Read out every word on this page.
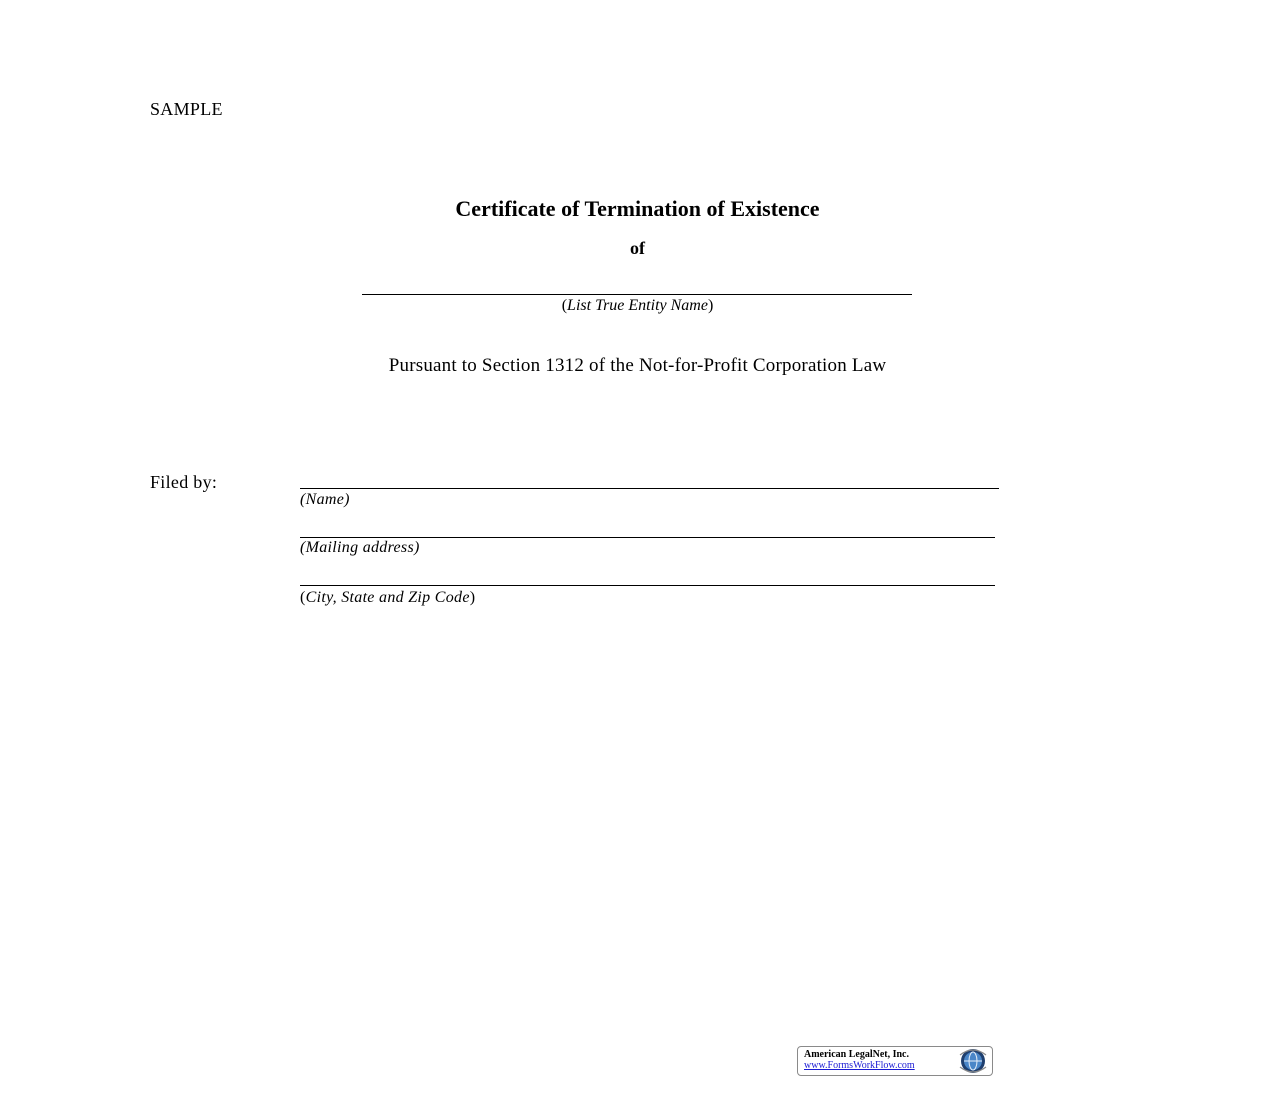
SAMPLE
Certificate of Termination of Existence
of
(List True Entity Name)
Pursuant to Section 1312 of the Not-for-Profit Corporation Law
Filed by:
(Name)
(Mailing address)
(City, State and Zip Code)
American LegalNet, Inc.
www.FormsWorkFlow.com
